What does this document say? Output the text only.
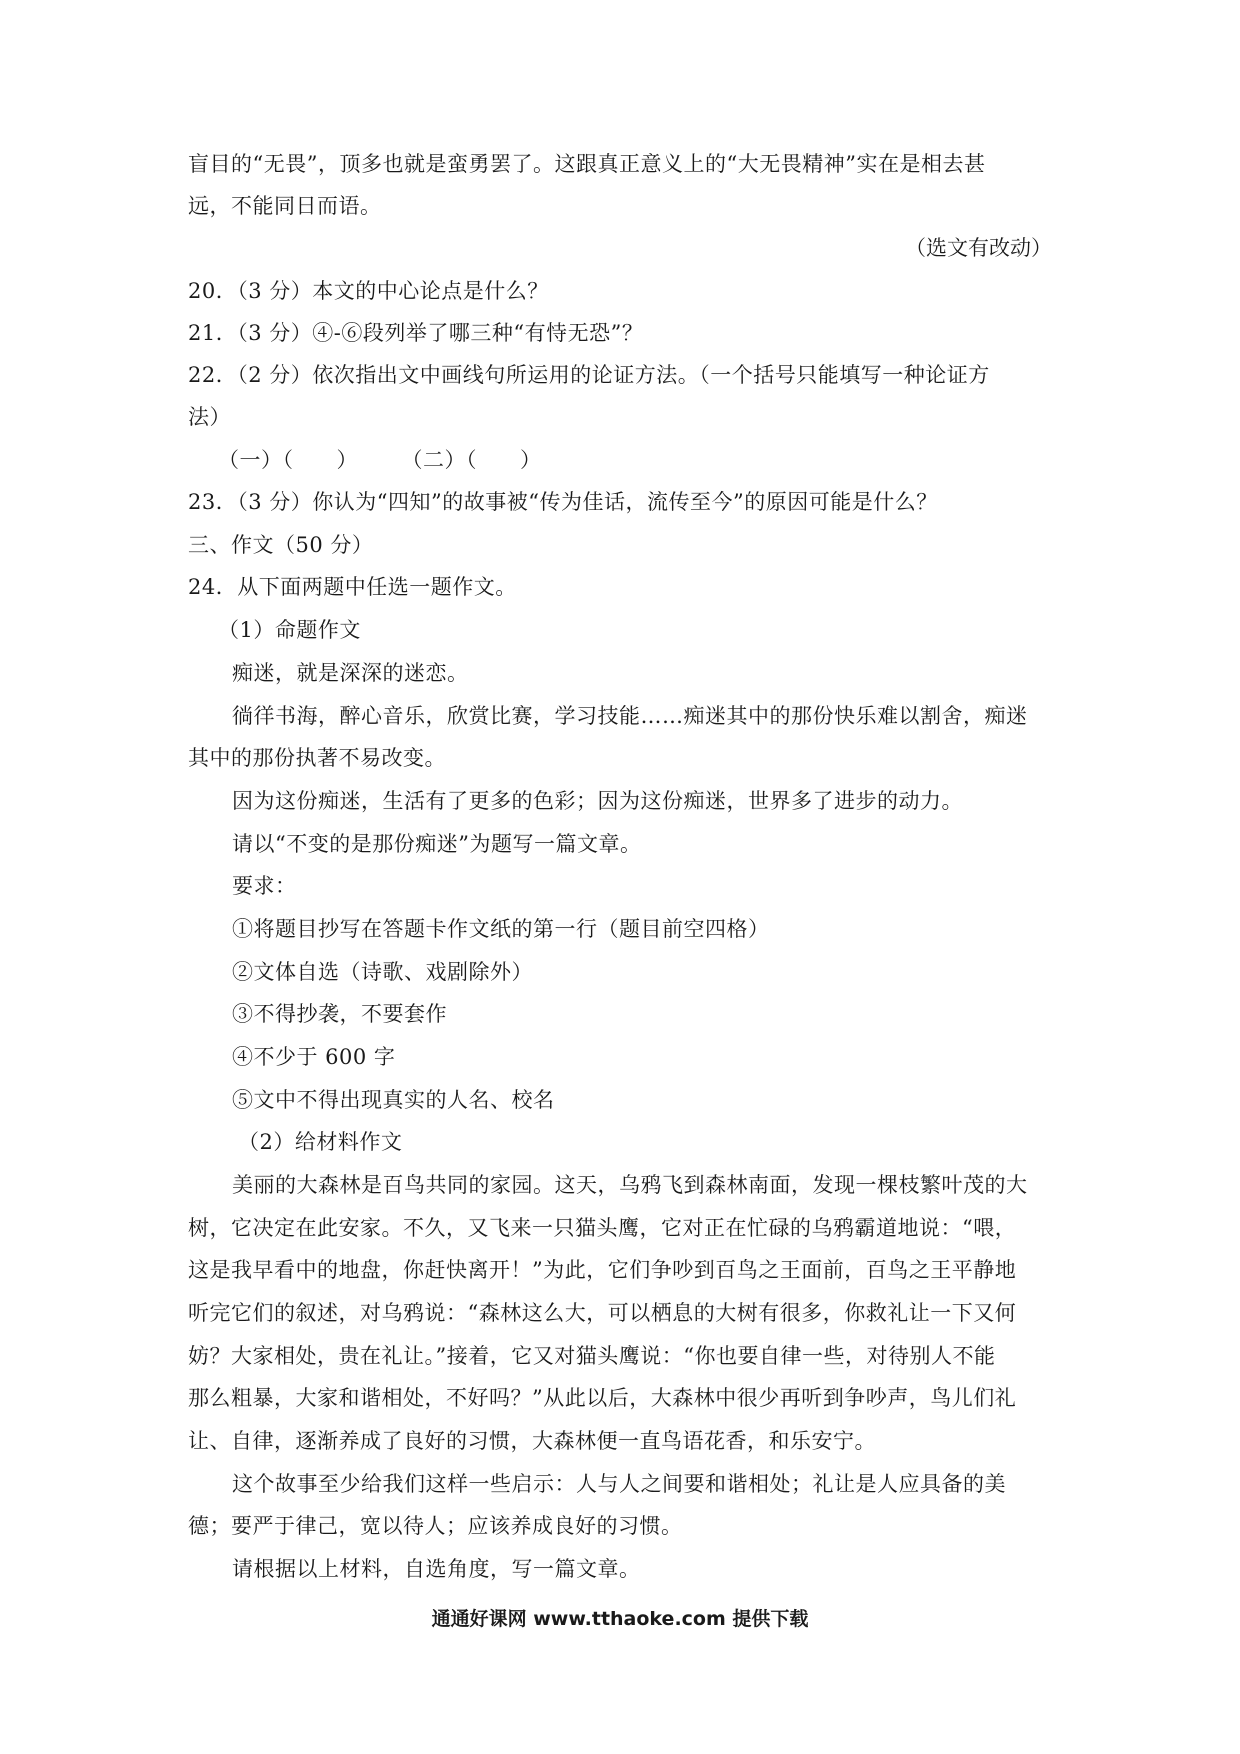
盲目的“无畏”，顶多也就是蛮勇罢了。这跟真正意义上的“大无畏精神”实在是相去甚
远，不能同日而语。
（选文有改动）
20．（3 分）本文的中心论点是什么？
21．（3 分）④-⑥段列举了哪三种“有恃无恐”？
22．（2 分）依次指出文中画线句所运用的论证方法。（一个括号只能填写一种论证方
法）
（一）（　　）　　　（二）（　　）
23．（3 分）你认为“四知”的故事被“传为佳话，流传至今”的原因可能是什么？
三、作文（50 分）
24．从下面两题中任选一题作文。
（1）命题作文
痴迷，就是深深的迷恋。
徜徉书海，醉心音乐，欣赏比赛，学习技能……痴迷其中的那份快乐难以割舍，痴迷
其中的那份执著不易改变。
因为这份痴迷，生活有了更多的色彩；因为这份痴迷，世界多了进步的动力。
请以“不变的是那份痴迷”为题写一篇文章。
要求：
①将题目抄写在答题卡作文纸的第一行（题目前空四格）
②文体自选（诗歌、戏剧除外）
③不得抄袭，不要套作
④不少于 600 字
⑤文中不得出现真实的人名、校名
（2）给材料作文
美丽的大森林是百鸟共同的家园。这天，乌鸦飞到森林南面，发现一棵枝繁叶茂的大
树，它决定在此安家。不久，又飞来一只猫头鹰，它对正在忙碌的乌鸦霸道地说：“喂，
这是我早看中的地盘，你赶快离开！”为此，它们争吵到百鸟之王面前，百鸟之王平静地
听完它们的叙述，对乌鸦说：“森林这么大，可以栖息的大树有很多，你救礼让一下又何
妨？大家相处，贵在礼让。”接着，它又对猫头鹰说：“你也要自律一些，对待别人不能
那么粗暴，大家和谐相处，不好吗？”从此以后，大森林中很少再听到争吵声，鸟儿们礼
让、自律，逐渐养成了良好的习惯，大森林便一直鸟语花香，和乐安宁。
这个故事至少给我们这样一些启示：人与人之间要和谐相处；礼让是人应具备的美
德；要严于律己，宽以待人；应该养成良好的习惯。
请根据以上材料，自选角度，写一篇文章。
通通好课网 www.tthaoke.com 提供下载
